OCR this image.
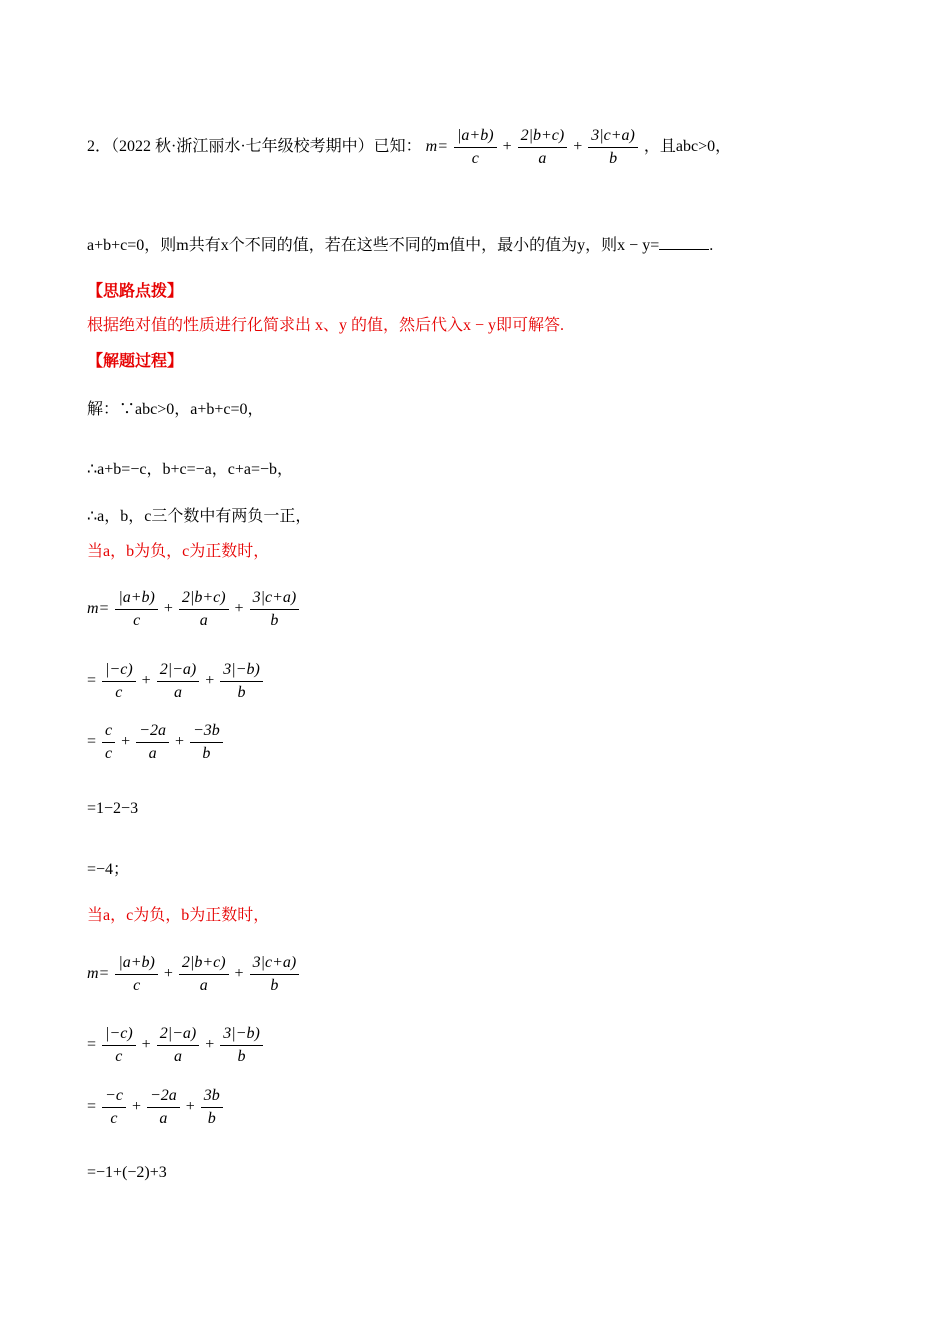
2．（2022 秋·浙江丽水·七年级校考期中）已知： $m= \frac{|a+b)}{c} + \frac{2|b+c)}{a} + \frac{3|c+a)}{b}$ ，且abc>0，
a+b+c=0，则m共有x个不同的值，若在这些不同的m值中，最小的值为y，则x − y=	.
【思路点拨】
根据绝对值的性质进行化简求出 x、y 的值，然后代入x − y即可解答.
【解题过程】
解：∵abc>0，a+b+c=0，
∴a+b=−c，b+c=−a，c+a=−b，
∴a，b，c三个数中有两负一正，
当a，b为负，c为正数时，
$m= \frac{|a+b)}{c} + \frac{2|b+c)}{a} + \frac{3|c+a)}{b}$
= $\frac{|-c)}{c} + \frac{2|-a)}{a} + \frac{3|-b)}{b}$
= $\frac{c}{c} + \frac{-2a}{a} + \frac{-3b}{b}$
=1−2−3
=−4；
当a，c为负，b为正数时，
$m= \frac{|a+b)}{c} + \frac{2|b+c)}{a} + \frac{3|c+a)}{b}$
= $\frac{|-c)}{c} + \frac{2|-a)}{a} + \frac{3|-b)}{b}$
= $\frac{-c}{c} + \frac{-2a}{a} + \frac{3b}{b}$
=−1+(−2)+3
